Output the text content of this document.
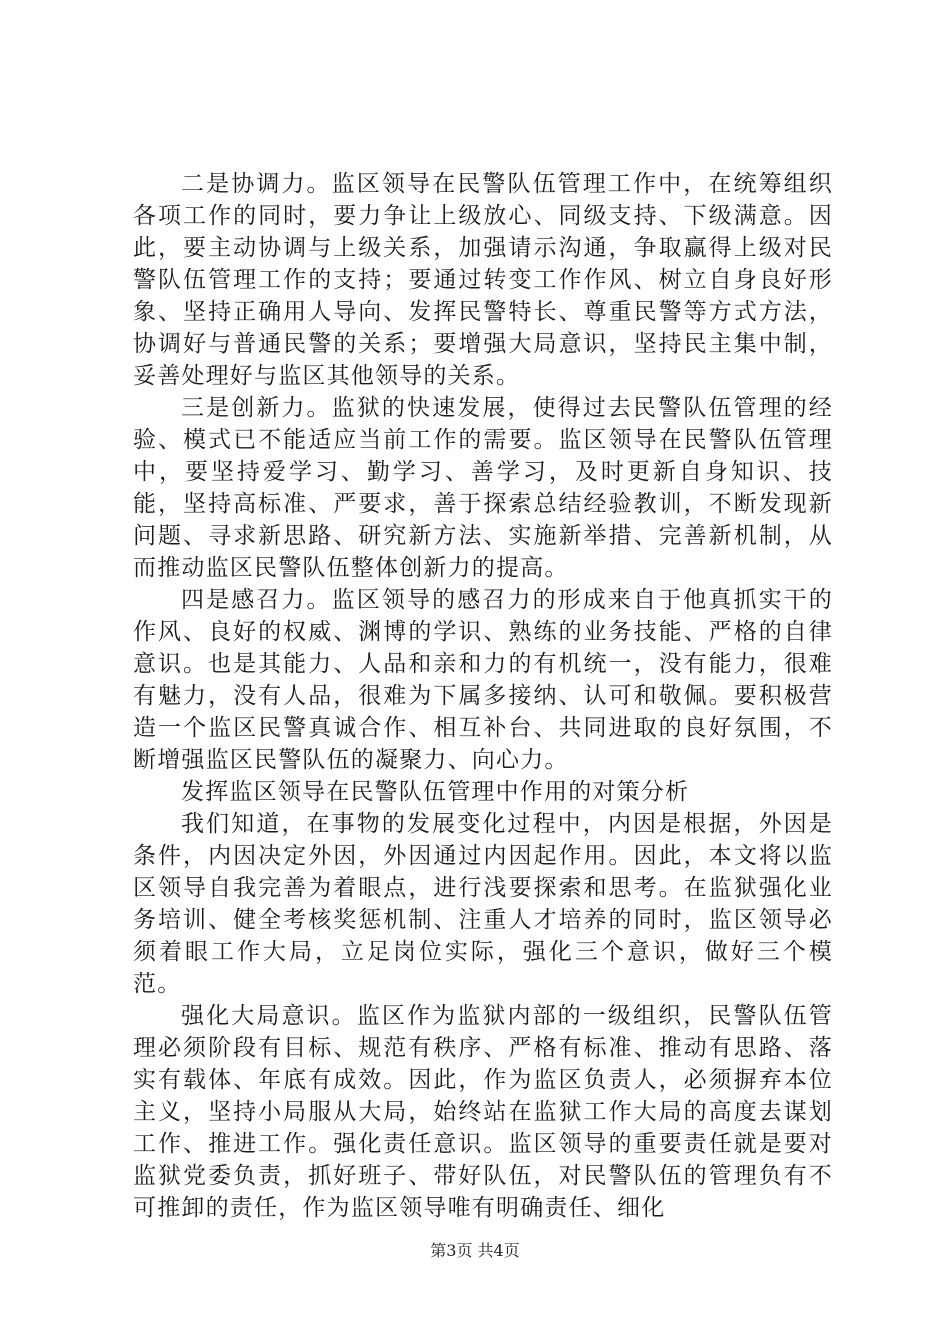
二是协调力。监区领导在民警队伍管理工作中，在统筹组织各项工作的同时，要力争让上级放心、同级支持、下级满意。因此，要主动协调与上级关系，加强请示沟通，争取赢得上级对民警队伍管理工作的支持；要通过转变工作作风、树立自身良好形象、坚持正确用人导向、发挥民警特长、尊重民警等方式方法，协调好与普通民警的关系；要增强大局意识，坚持民主集中制，妥善处理好与监区其他领导的关系。

三是创新力。监狱的快速发展，使得过去民警队伍管理的经验、模式已不能适应当前工作的需要。监区领导在民警队伍管理中，要坚持爱学习、勤学习、善学习，及时更新自身知识、技能，坚持高标准、严要求，善于探索总结经验教训，不断发现新问题、寻求新思路、研究新方法、实施新举措、完善新机制，从而推动监区民警队伍整体创新力的提高。

四是感召力。监区领导的感召力的形成来自于他真抓实干的作风、良好的权威、渊博的学识、熟练的业务技能、严格的自律意识。也是其能力、人品和亲和力的有机统一，没有能力，很难有魅力，没有人品，很难为下属多接纳、认可和敬佩。要积极营造一个监区民警真诚合作、相互补台、共同进取的良好氛围，不断增强监区民警队伍的凝聚力、向心力。

发挥监区领导在民警队伍管理中作用的对策分析

我们知道，在事物的发展变化过程中，内因是根据，外因是条件，内因决定外因，外因通过内因起作用。因此，本文将以监区领导自我完善为着眼点，进行浅要探索和思考。在监狱强化业务培训、健全考核奖惩机制、注重人才培养的同时，监区领导必须着眼工作大局，立足岗位实际，强化三个意识，做好三个模范。

强化大局意识。监区作为监狱内部的一级组织，民警队伍管理必须阶段有目标、规范有秩序、严格有标准、推动有思路、落实有载体、年底有成效。因此，作为监区负责人，必须摒弃本位主义，坚持小局服从大局，始终站在监狱工作大局的高度去谋划工作、推进工作。强化责任意识。监区领导的重要责任就是要对监狱党委负责，抓好班子、带好队伍，对民警队伍的管理负有不可推卸的责任，作为监区领导唯有明确责任、细化

第3页 共4页
